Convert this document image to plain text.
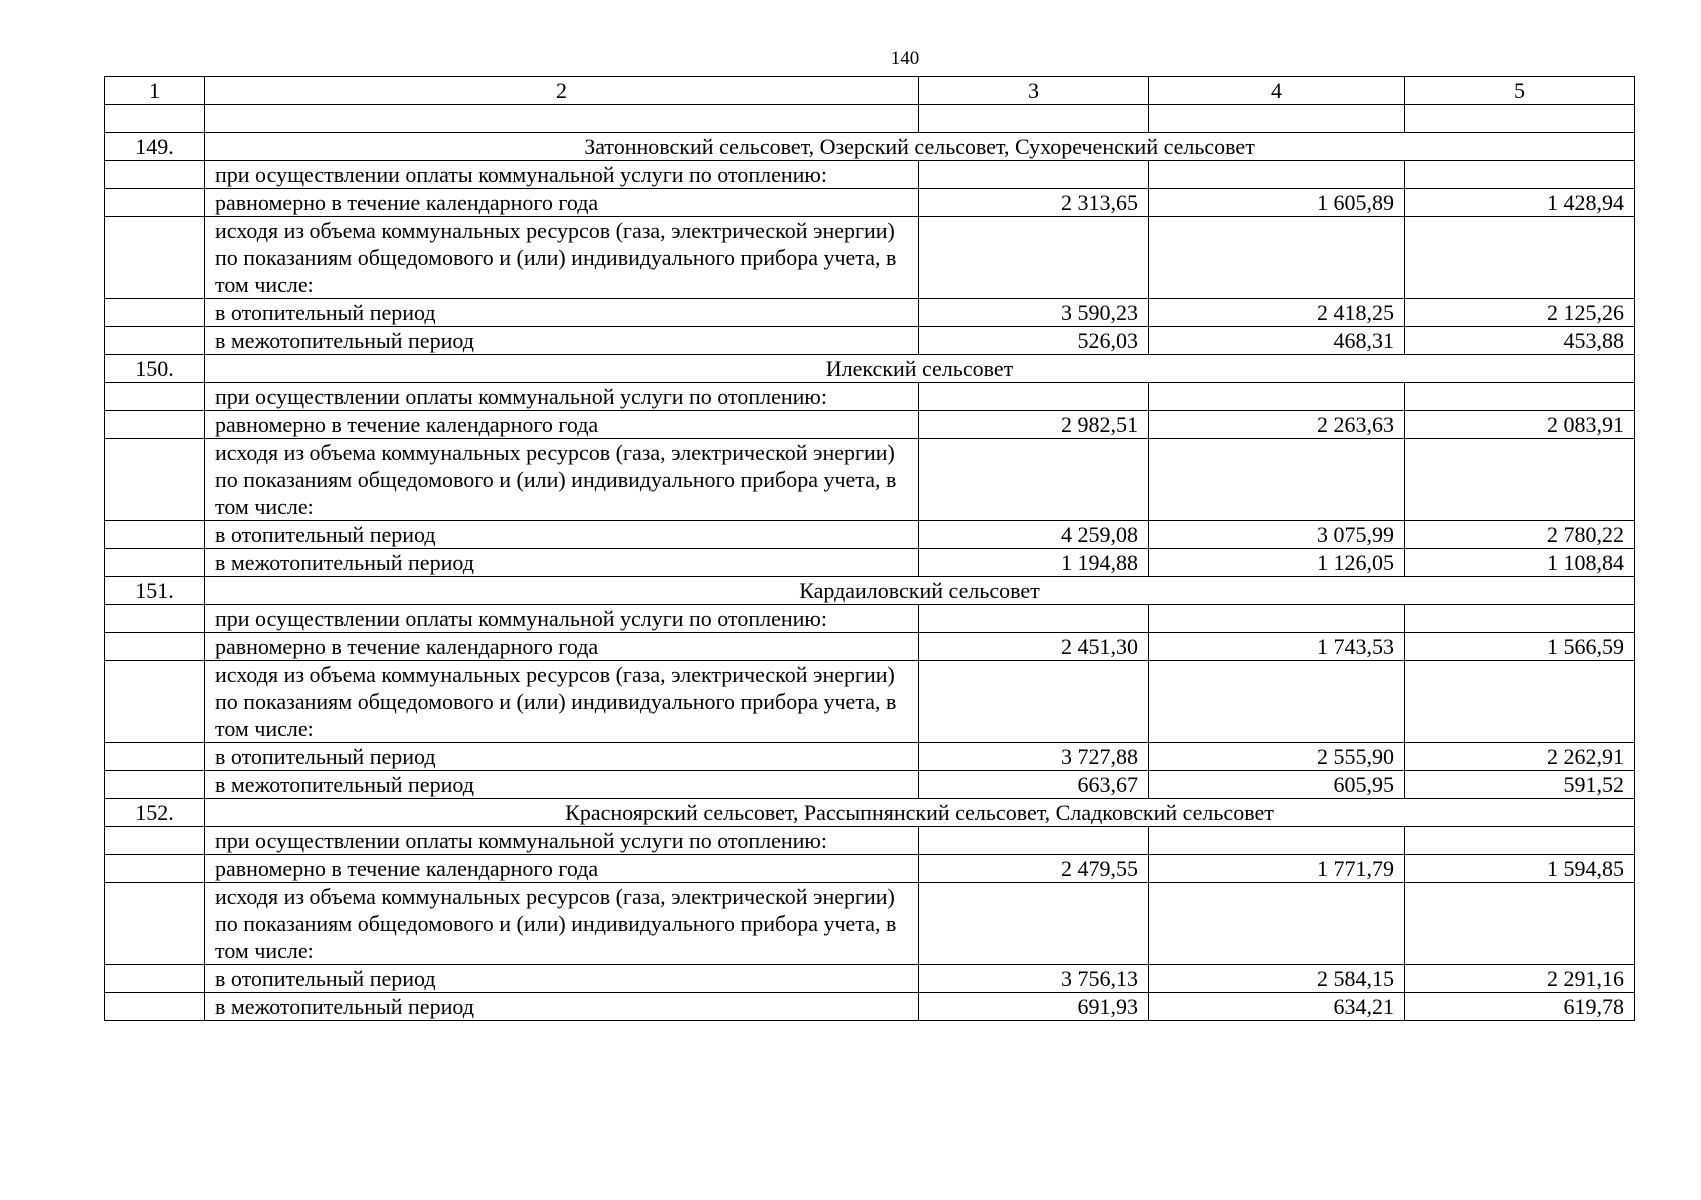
140
1	2	3	4	5

149.	Затонновский сельсовет, Озерский сельсовет, Сухореченский сельсовет			
	при осуществлении оплаты коммунальной услуги по отоплению:			
	равномерно в течение календарного года	2 313,65	1 605,89	1 428,94
	исходя из объема коммунальных ресурсов (газа, электрической энергии) по показаниям общедомового и (или) индивидуального прибора учета, в том числе:			
	в отопительный период	3 590,23	2 418,25	2 125,26
	в межотопительный период	526,03	468,31	453,88
150.	Илекский сельсовет			
	при осуществлении оплаты коммунальной услуги по отоплению:			
	равномерно в течение календарного года	2 982,51	2 263,63	2 083,91
	исходя из объема коммунальных ресурсов (газа, электрической энергии) по показаниям общедомового и (или) индивидуального прибора учета, в том числе:			
	в отопительный период	4 259,08	3 075,99	2 780,22
	в межотопительный период	1 194,88	1 126,05	1 108,84
151.	Кардаиловский сельсовет			
	при осуществлении оплаты коммунальной услуги по отоплению:			
	равномерно в течение календарного года	2 451,30	1 743,53	1 566,59
	исходя из объема коммунальных ресурсов (газа, электрической энергии) по показаниям общедомового и (или) индивидуального прибора учета, в том числе:			
	в отопительный период	3 727,88	2 555,90	2 262,91
	в межотопительный период	663,67	605,95	591,52
152.	Красноярский сельсовет, Рассыпнянский сельсовет, Сладковский сельсовет			
	при осуществлении оплаты коммунальной услуги по отоплению:			
	равномерно в течение календарного года	2 479,55	1 771,79	1 594,85
	исходя из объема коммунальных ресурсов (газа, электрической энергии) по показаниям общедомового и (или) индивидуального прибора учета, в том числе:			
	в отопительный период	3 756,13	2 584,15	2 291,16
	в межотопительный период	691,93	634,21	619,78
